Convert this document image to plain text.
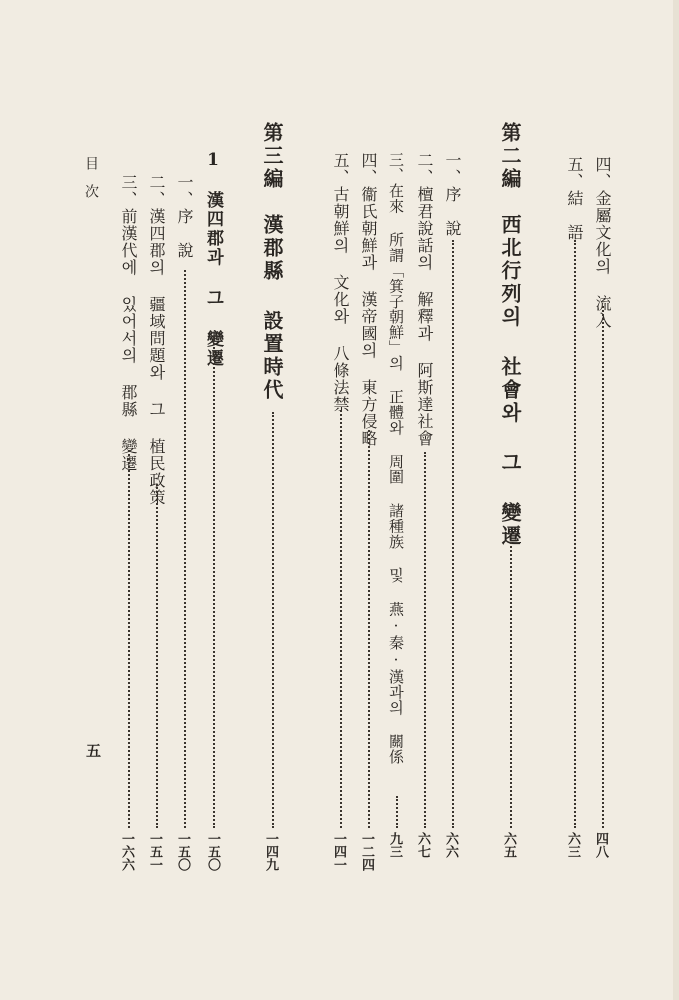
四、金屬文化의 流入
四八
五、結　語
六三
第二編　西北行列의 社會와 그 變遷
六五
一、序　說
六六
二、檀君說話의 解釋과 阿斯達社會
六七
三、在來 所謂「箕子朝鮮」의 正體와 周圍 諸種族 및 燕·秦·漢과의 關係
九三
四、衞氏朝鮮과 漢帝國의 東方侵略
一二四
五、古朝鮮의 文化와 八條法禁
一四一
第三編　漢郡縣 設置時代
一四九
1　漢四郡과 그 變遷
一五〇
一、序　說
一五〇
二、漢四郡의 疆域問題와 그 植民政策
一五一
三、前漢代에 있어서의 郡縣 變遷
一六六
目次
五
